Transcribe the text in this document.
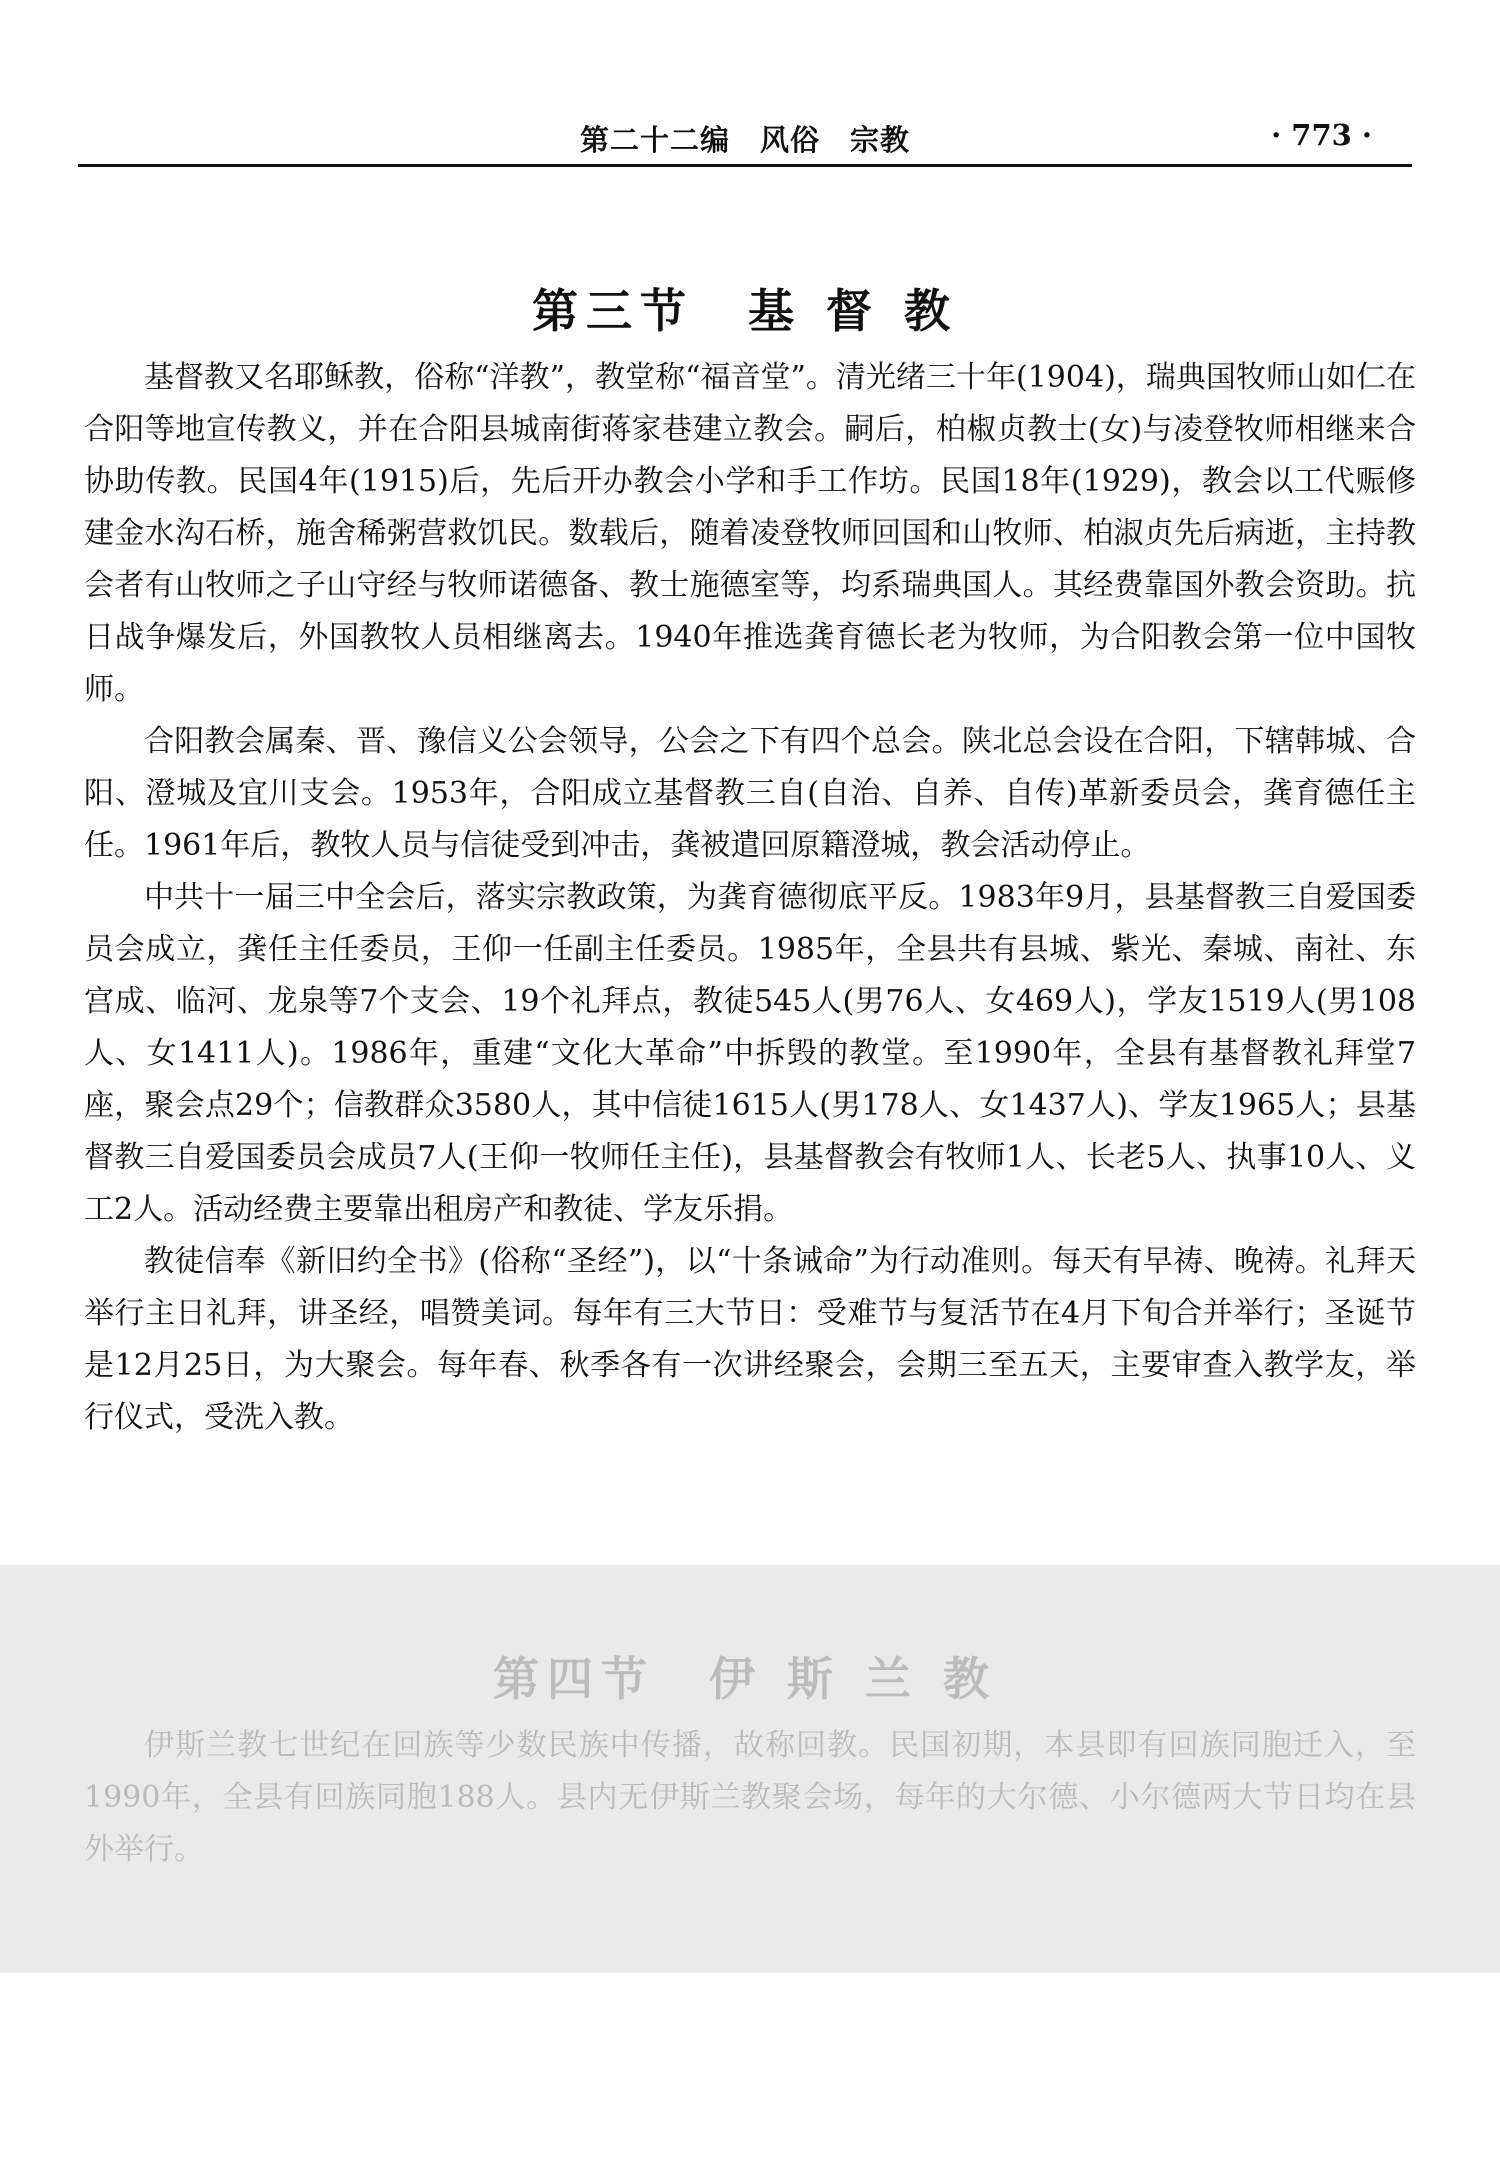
第二十二编　风俗　宗教	· 773 ·
第三节　基 督 教

基督教又名耶稣教，俗称“洋教”，教堂称“福音堂”。清光绪三十年(1904)，瑞典国牧师山如仁在合阳等地宣传教义，并在合阳县城南街蒋家巷建立教会。嗣后，柏椒贞教士(女)与凌登牧师相继来合协助传教。民国4年(1915)后，先后开办教会小学和手工作坊。民国18年(1929)，教会以工代赈修建金水沟石桥，施舍稀粥营救饥民。数载后，随着凌登牧师回国和山牧师、柏淑贞先后病逝，主持教会者有山牧师之子山守经与牧师诺德备、教士施德室等，均系瑞典国人。其经费靠国外教会资助。抗日战争爆发后，外国教牧人员相继离去。1940年推选龚育德长老为牧师，为合阳教会第一位中国牧师。

合阳教会属秦、晋、豫信义公会领导，公会之下有四个总会。陕北总会设在合阳，下辖韩城、合阳、澄城及宜川支会。1953年，合阳成立基督教三自(自治、自养、自传)革新委员会，龚育德任主任。1961年后，教牧人员与信徒受到冲击，龚被遣回原籍澄城，教会活动停止。

中共十一届三中全会后，落实宗教政策，为龚育德彻底平反。1983年9月，县基督教三自爱国委员会成立，龚任主任委员，王仰一任副主任委员。1985年，全县共有县城、紫光、秦城、南社、东宫成、临河、龙泉等7个支会、19个礼拜点，教徒545人(男76人、女469人)，学友1519人(男108人、女1411人)。1986年，重建“文化大革命”中拆毁的教堂。至1990年，全县有基督教礼拜堂7座，聚会点29个；信教群众3580人，其中信徒1615人(男178人、女1437人)、学友1965人；县基督教三自爱国委员会成员7人(王仰一牧师任主任)，县基督教会有牧师1人、长老5人、执事10人、义工2人。活动经费主要靠出租房产和教徒、学友乐捐。

教徒信奉《新旧约全书》(俗称“圣经”)，以“十条诫命”为行动准则。每天有早祷、晚祷。礼拜天举行主日礼拜，讲圣经，唱赞美词。每年有三大节日：受难节与复活节在4月下旬合并举行；圣诞节是12月25日，为大聚会。每年春、秋季各有一次讲经聚会，会期三至五天，主要审查入教学友，举行仪式，受洗入教。

第四节　伊 斯 兰 教

伊斯兰教七世纪在回族等少数民族中传播，故称回教。民国初期，本县即有回族同胞迁入，至1990年，全县有回族同胞188人。县内无伊斯兰教聚会场，每年的大尔德、小尔德两大节日均在县外举行。
